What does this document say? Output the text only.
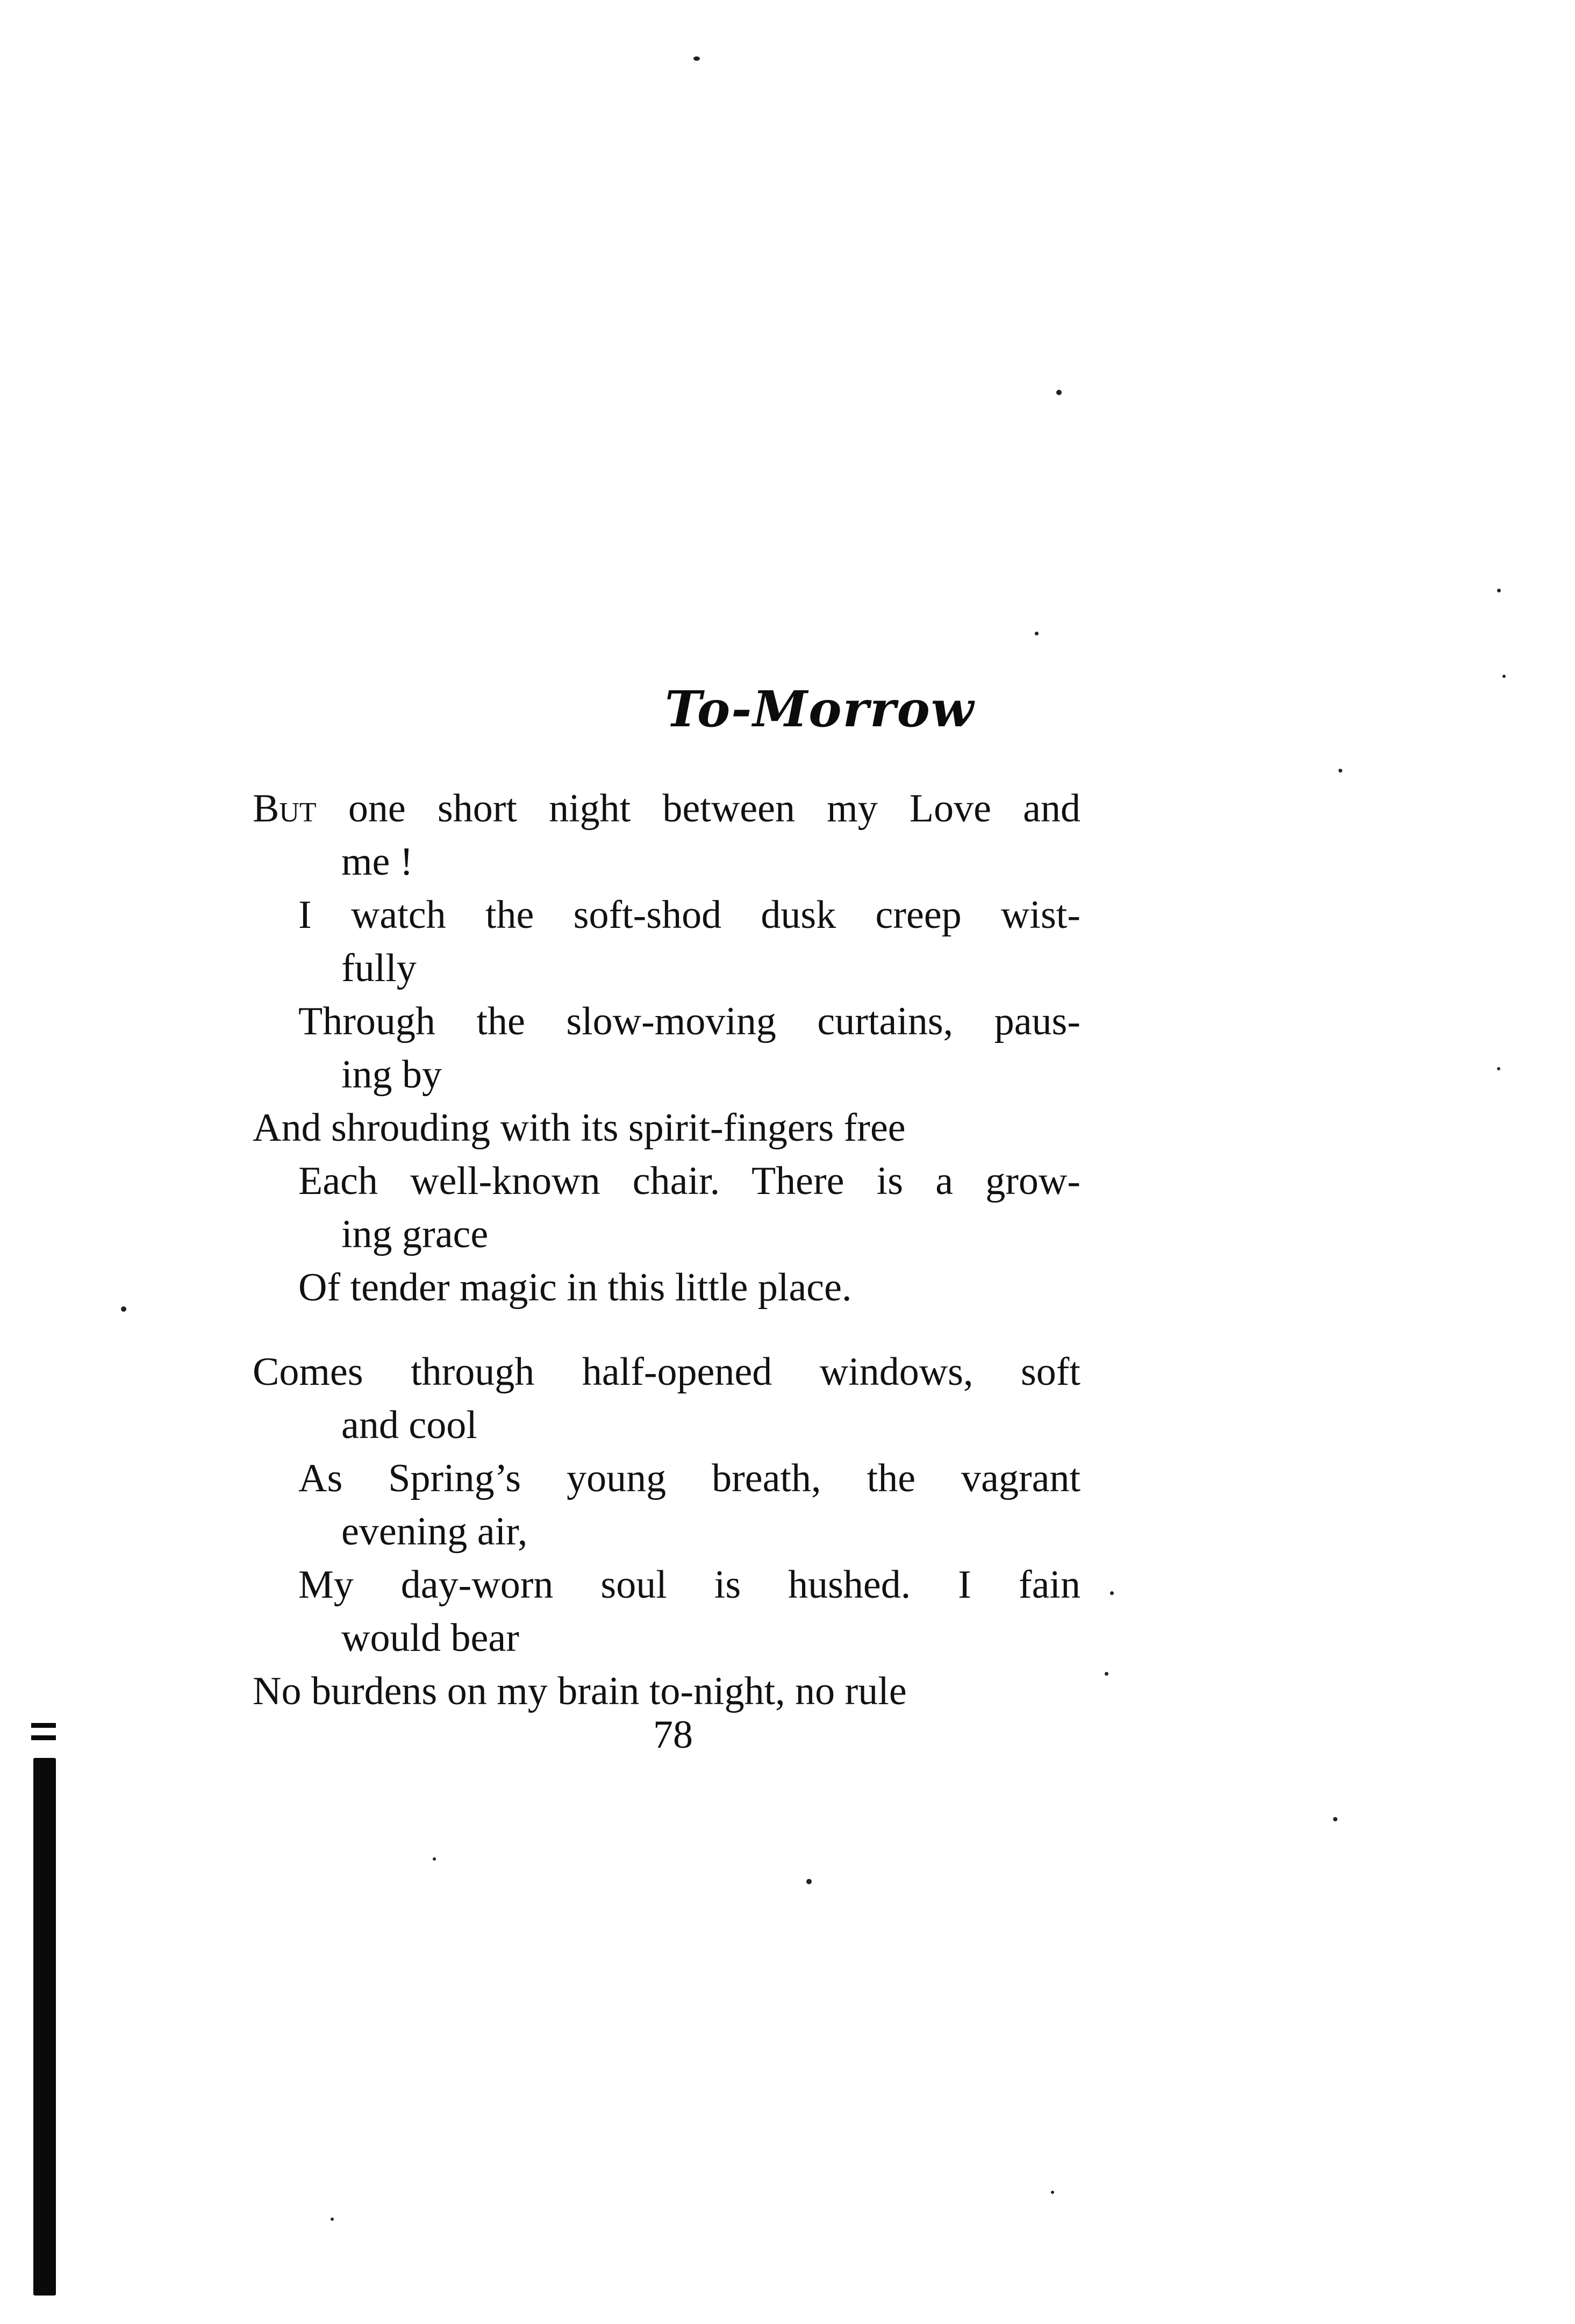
To-Morrow
But one short night between my Love and
me !
I watch the soft-shod dusk creep wist-
fully
Through the slow-moving curtains, paus-
ing by
And shrouding with its spirit-fingers free
Each well-known chair. There is a grow-
ing grace
Of tender magic in this little place.
Comes through half-opened windows, soft
and cool
As Spring’s young breath, the vagrant
evening air,
My day-worn soul is hushed. I fain
would bear
No burdens on my brain to-night, no rule
78
